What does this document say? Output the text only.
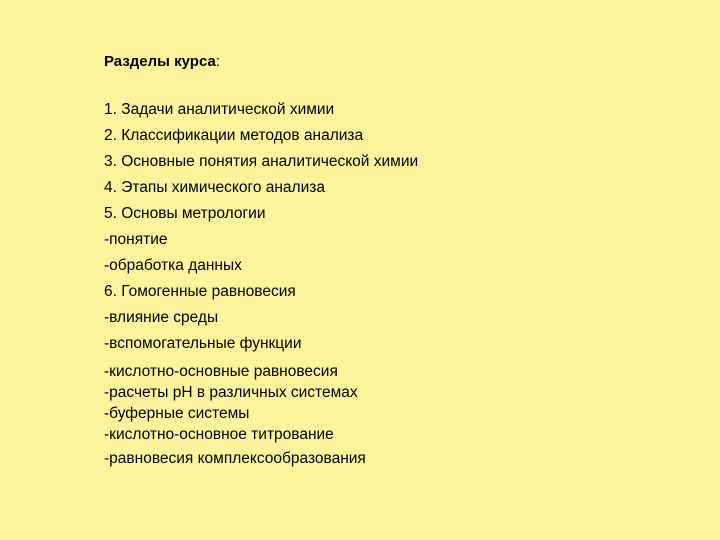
Разделы курса:
1. Задачи аналитической химии
2. Классификации методов анализа
3. Основные понятия аналитической химии
4. Этапы химического анализа
5. Основы метрологии
-понятие
-обработка данных
6. Гомогенные равновесия
-влияние среды
-вспомогательные функции
-кислотно-основные равновесия
-расчеты pH в различных системах
-буферные системы
-кислотно-основное титрование
-равновесия комплексообразования
